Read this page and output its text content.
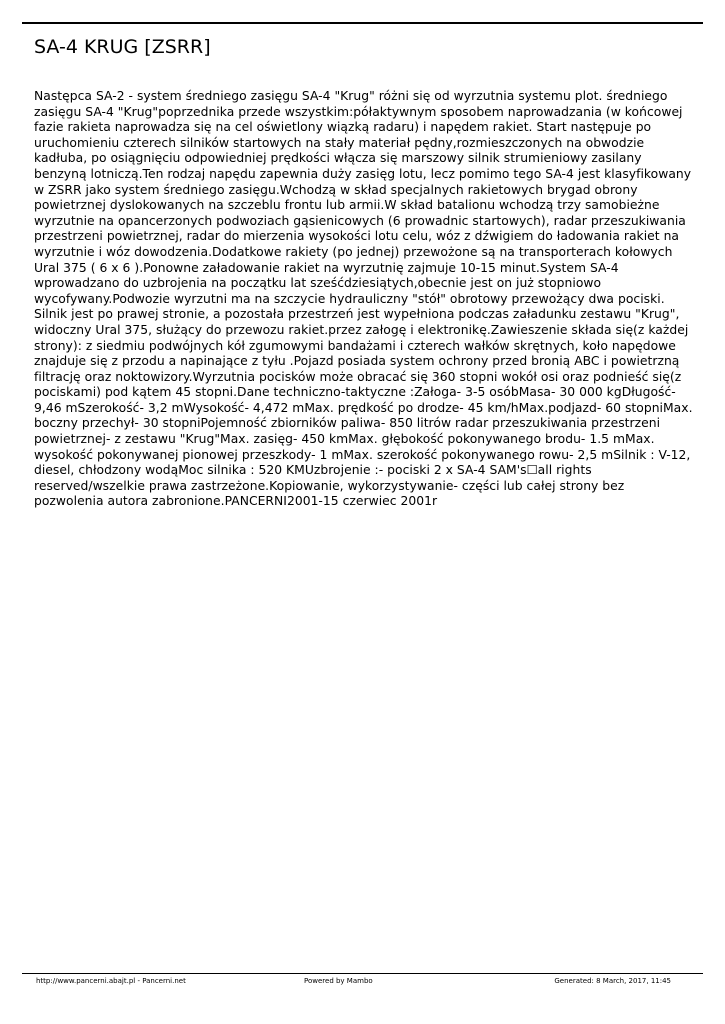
SA-4 KRUG [ZSRR]

Następca SA-2 - system średniego zasięgu SA-4 "Krug" różni się od wyrzutnia systemu plot. średniego zasięgu SA-4 "Krug"poprzednika przede wszystkim:półaktywnym sposobem naprowadzania (w końcowej fazie rakieta naprowadza się na cel oświetlony wiązką radaru) i napędem rakiet. Start następuje po uruchomieniu czterech silników startowych na stały materiał pędny,rozmieszczonych na obwodzie kadłuba, po osiągnięciu odpowiedniej prędkości włącza się marszowy silnik strumieniowy zasilany benzyną lotniczą.Ten rodzaj napędu zapewnia duży zasięg lotu, lecz pomimo tego SA-4 jest klasyfikowany w ZSRR jako system średniego zasięgu.Wchodzą w skład specjalnych rakietowych brygad obrony powietrznej dyslokowanych na szczeblu frontu lub armii.W skład batalionu wchodzą trzy samobieżne wyrzutnie na opancerzonych podwoziach gąsienicowych (6 prowadnic startowych), radar przeszukiwania przestrzeni powietrznej, radar do mierzenia wysokości lotu celu, wóz z dźwigiem do ładowania rakiet na wyrzutnie i wóz dowodzenia.Dodatkowe rakiety (po jednej) przewożone są na transporterach kołowych Ural 375 ( 6 x 6 ).Ponowne załadowanie rakiet na wyrzutnię zajmuje 10-15 minut.System SA-4 wprowadzano do uzbrojenia na początku lat sześćdziesiątych,obecnie jest on już stopniowo wycofywany.Podwozie wyrzutni ma na szczycie hydrauliczny "stół" obrotowy przewożący dwa pociski. Silnik jest po prawej stronie, a pozostała przestrzeń jest wypełniona podczas załadunku zestawu "Krug", widoczny Ural 375, służący do przewozu rakiet.przez załogę i elektronikę.Zawieszenie składa się(z każdej strony): z siedmiu podwójnych kół zgumowymi bandażami i czterech wałków skrętnych, koło napędowe znajduje się z przodu a napinające z tyłu .Pojazd posiada system ochrony przed bronią ABC i powietrzną filtrację oraz noktowizory.Wyrzutnia pocisków może obracać się 360 stopni wokół osi oraz podnieść się(z pociskami) pod kątem 45 stopni.Dane techniczno-taktyczne :Załoga- 3-5 osóbMasa- 30 000 kgDługość- 9,46 mSzerokość- 3,2 mWysokość- 4,472 mMax. prędkość po drodze- 45 km/hMax.podjazd- 60 stopniMax. boczny przechył- 30 stopniPojemność zbiorników paliwa- 850 litrów radar przeszukiwania przestrzeni powietrznej- z zestawu "Krug"Max. zasięg- 450 kmMax. głębokość pokonywanego brodu- 1.5 mMax. wysokość pokonywanej pionowej przeszkody- 1 mMax. szerokość pokonywanego rowu- 2,5 mSilnik : V-12, diesel, chłodzony wodąMoc silnika : 520 KMUzbrojenie :- pociski 2 x SA-4 SAM's☐all rights reserved/wszelkie prawa zastrzeżone.Kopiowanie, wykorzystywanie- części lub całej strony bez pozwolenia autora zabronione.PANCERNI2001-15 czerwiec 2001r

http://www.pancerni.abajt.pl - Pancerni.net	Powered by Mambo	Generated: 8 March, 2017, 11:45
